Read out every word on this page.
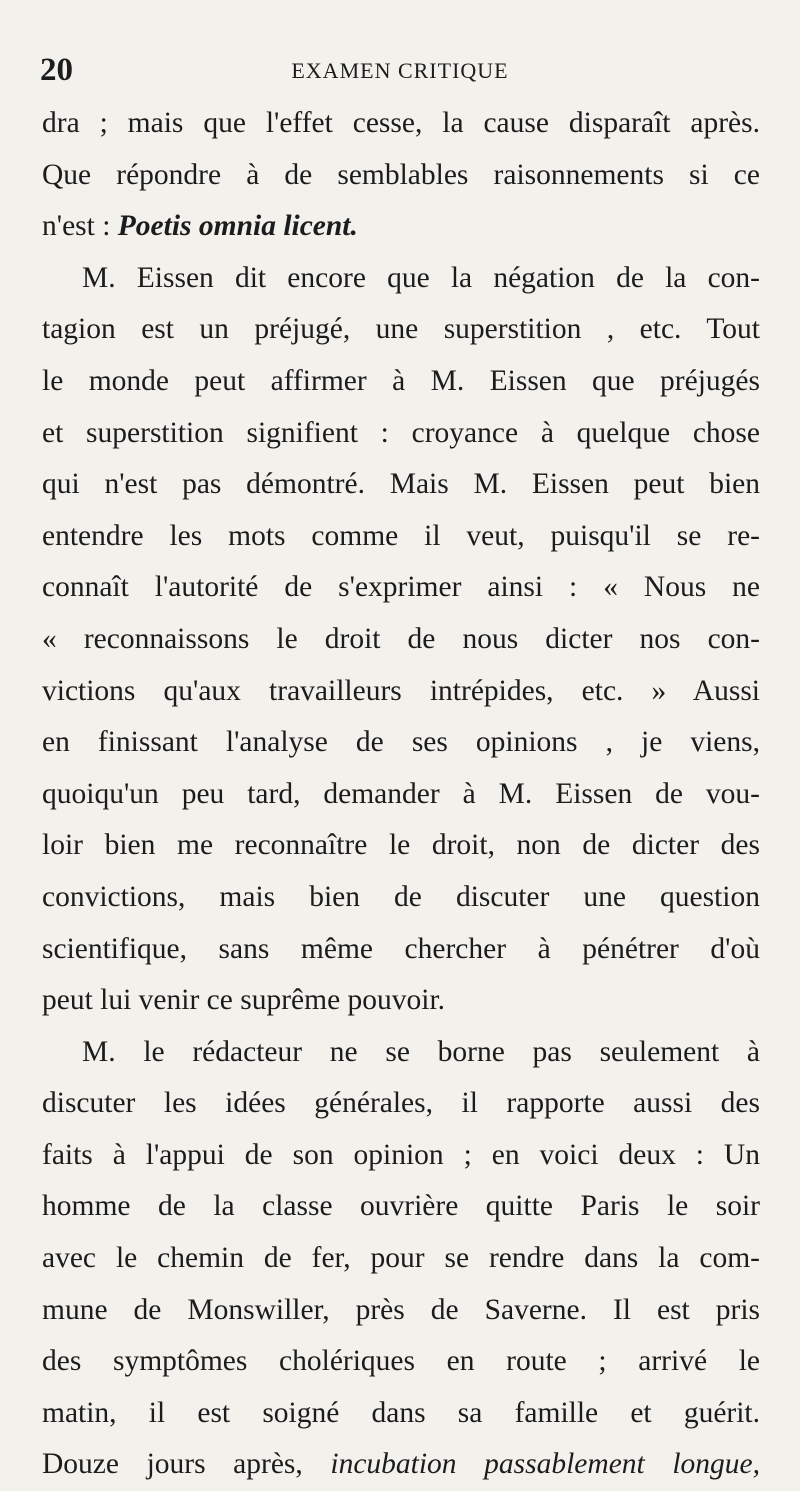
20	EXAMEN CRITIQUE
dra ; mais que l'effet cesse, la cause disparaît après.
Que répondre à de semblables raisonnements si ce
n'est : Poetis omnia licent.
M. Eissen dit encore que la négation de la con-
tagion est un préjugé, une superstition , etc. Tout
le monde peut affirmer à M. Eissen que préjugés
et superstition signifient : croyance à quelque chose
qui n'est pas démontré. Mais M. Eissen peut bien
entendre les mots comme il veut, puisqu'il se re-
connaît l'autorité de s'exprimer ainsi : « Nous ne
« reconnaissons le droit de nous dicter nos con-
victions qu'aux travailleurs intrépides, etc. » Aussi
en finissant l'analyse de ses opinions , je viens,
quoiqu'un peu tard, demander à M. Eissen de vou-
loir bien me reconnaître le droit, non de dicter des
convictions, mais bien de discuter une question
scientifique, sans même chercher à pénétrer d'où
peut lui venir ce suprême pouvoir.
M. le rédacteur ne se borne pas seulement à
discuter les idées générales, il rapporte aussi des
faits à l'appui de son opinion ; en voici deux : Un
homme de la classe ouvrière quitte Paris le soir
avec le chemin de fer, pour se rendre dans la com-
mune de Monswiller, près de Saverne. Il est pris
des symptômes cholériques en route ; arrivé le
matin, il est soigné dans sa famille et guérit.
Douze jours après, incubation passablement longue,
